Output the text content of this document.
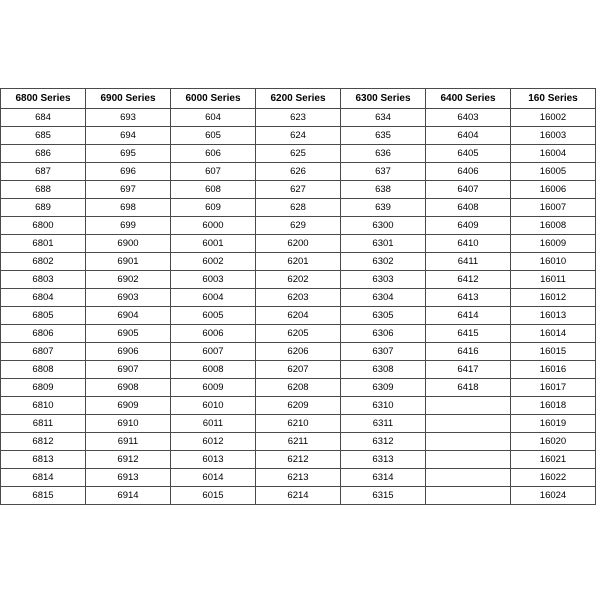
6800 Series	6900 Series	6000 Series	6200 Series	6300 Series	6400 Series	160 Series
684	693	604	623	634	6403	16002
685	694	605	624	635	6404	16003
686	695	606	625	636	6405	16004
687	696	607	626	637	6406	16005
688	697	608	627	638	6407	16006
689	698	609	628	639	6408	16007
6800	699	6000	629	6300	6409	16008
6801	6900	6001	6200	6301	6410	16009
6802	6901	6002	6201	6302	6411	16010
6803	6902	6003	6202	6303	6412	16011
6804	6903	6004	6203	6304	6413	16012
6805	6904	6005	6204	6305	6414	16013
6806	6905	6006	6205	6306	6415	16014
6807	6906	6007	6206	6307	6416	16015
6808	6907	6008	6207	6308	6417	16016
6809	6908	6009	6208	6309	6418	16017
6810	6909	6010	6209	6310		16018
6811	6910	6011	6210	6311		16019
6812	6911	6012	6211	6312		16020
6813	6912	6013	6212	6313		16021
6814	6913	6014	6213	6314		16022
6815	6914	6015	6214	6315		16024
